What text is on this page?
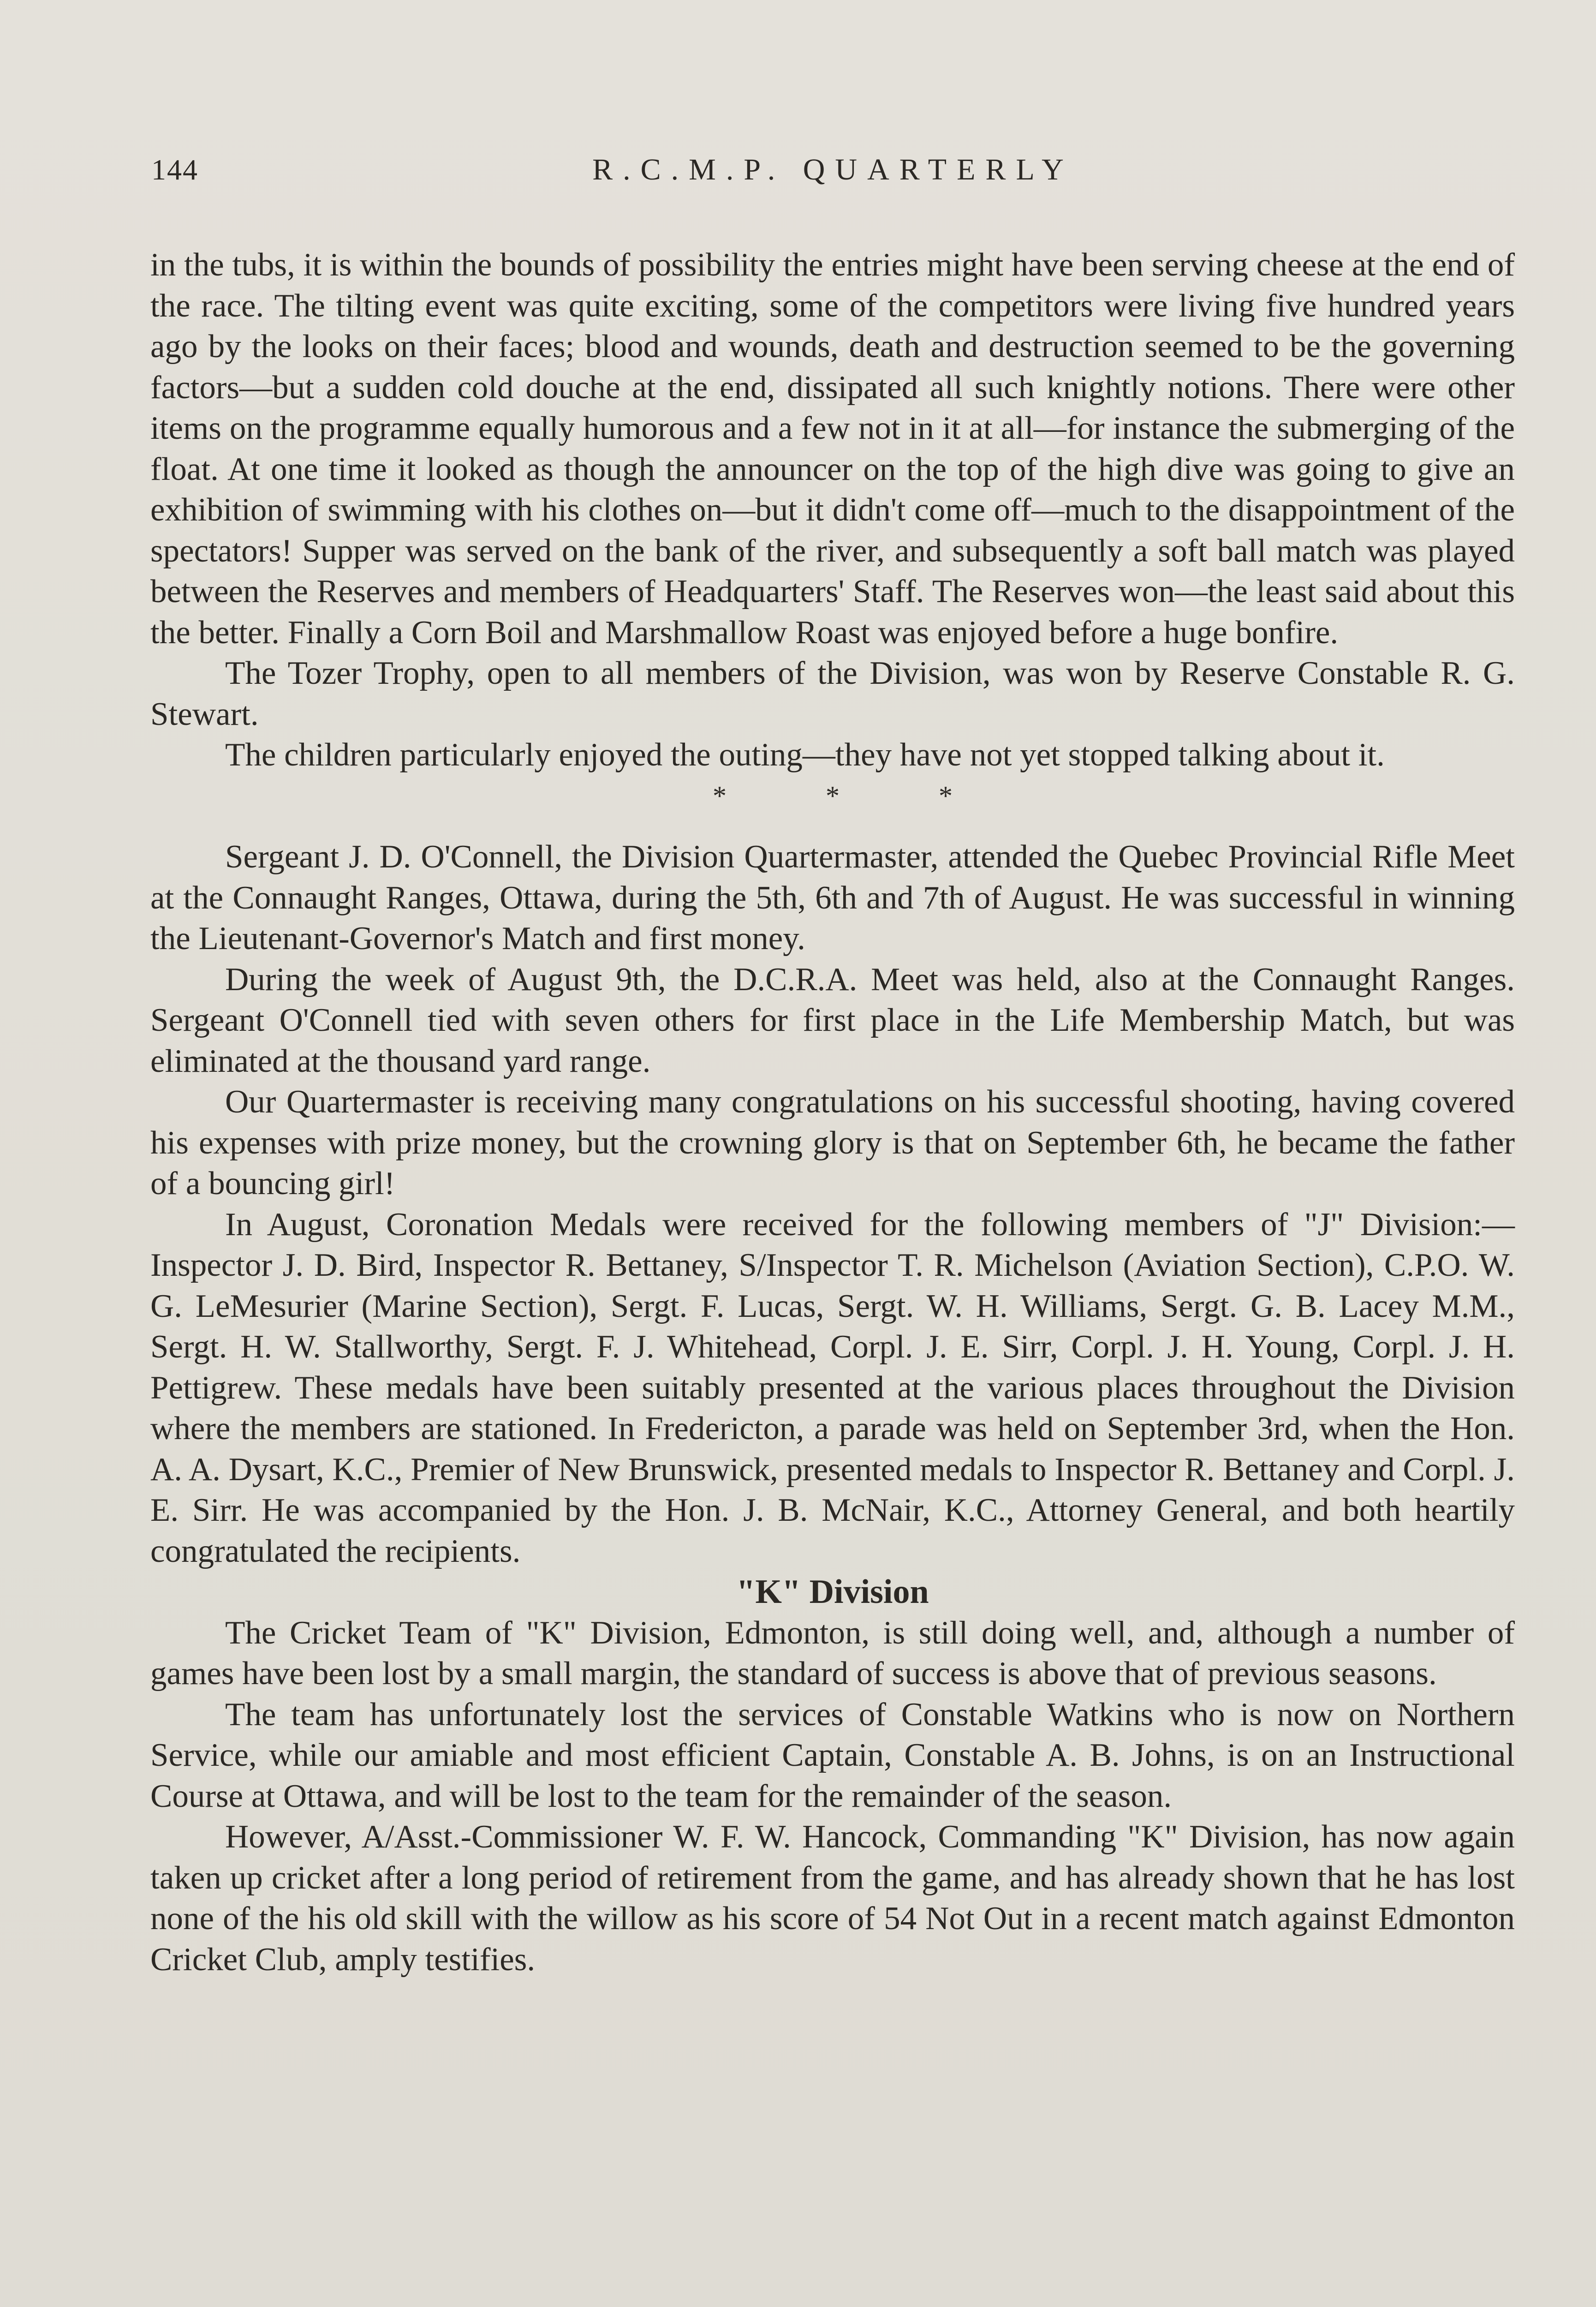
144	R.C.M.P. QUARTERLY

in the tubs, it is within the bounds of possibility the entries might have been serving cheese at the end of the race. The tilting event was quite exciting, some of the competitors were living five hundred years ago by the looks on their faces; blood and wounds, death and destruction seemed to be the governing factors—but a sudden cold douche at the end, dissipated all such knightly notions. There were other items on the programme equally humorous and a few not in it at all—for instance the submerging of the float. At one time it looked as though the announcer on the top of the high dive was going to give an exhibition of swimming with his clothes on—but it didn't come off—much to the disappointment of the spectators! Supper was served on the bank of the river, and subsequently a soft ball match was played between the Reserves and members of Headquarters' Staff. The Reserves won—the least said about this the better. Finally a Corn Boil and Marshmallow Roast was enjoyed before a huge bonfire.

The Tozer Trophy, open to all members of the Division, was won by Reserve Constable R. G. Stewart.

The children particularly enjoyed the outing—they have not yet stopped talking about it.

* * *

Sergeant J. D. O'Connell, the Division Quartermaster, attended the Quebec Provincial Rifle Meet at the Connaught Ranges, Ottawa, during the 5th, 6th and 7th of August. He was successful in winning the Lieutenant-Governor's Match and first money.

During the week of August 9th, the D.C.R.A. Meet was held, also at the Connaught Ranges. Sergeant O'Connell tied with seven others for first place in the Life Membership Match, but was eliminated at the thousand yard range.

Our Quartermaster is receiving many congratulations on his successful shooting, having covered his expenses with prize money, but the crowning glory is that on September 6th, he became the father of a bouncing girl!

In August, Coronation Medals were received for the following members of "J" Division:—Inspector J. D. Bird, Inspector R. Bettaney, S/Inspector T. R. Michelson (Aviation Section), C.P.O. W. G. LeMesurier (Marine Section), Sergt. F. Lucas, Sergt. W. H. Williams, Sergt. G. B. Lacey M.M., Sergt. H. W. Stallworthy, Sergt. F. J. Whitehead, Corpl. J. E. Sirr, Corpl. J. H. Young, Corpl. J. H. Pettigrew. These medals have been suitably presented at the various places throughout the Division where the members are stationed. In Fredericton, a parade was held on September 3rd, when the Hon. A. A. Dysart, K.C., Premier of New Brunswick, presented medals to Inspector R. Bettaney and Corpl. J. E. Sirr. He was accompanied by the Hon. J. B. McNair, K.C., Attorney General, and both heartily congratulated the recipients.

"K" Division

The Cricket Team of "K" Division, Edmonton, is still doing well, and, although a number of games have been lost by a small margin, the standard of success is above that of previous seasons.

The team has unfortunately lost the services of Constable Watkins who is now on Northern Service, while our amiable and most efficient Captain, Constable A. B. Johns, is on an Instructional Course at Ottawa, and will be lost to the team for the remainder of the season.

However, A/Asst.-Commissioner W. F. W. Hancock, Commanding "K" Division, has now again taken up cricket after a long period of retirement from the game, and has already shown that he has lost none of the his old skill with the willow as his score of 54 Not Out in a recent match against Edmonton Cricket Club, amply testifies.
